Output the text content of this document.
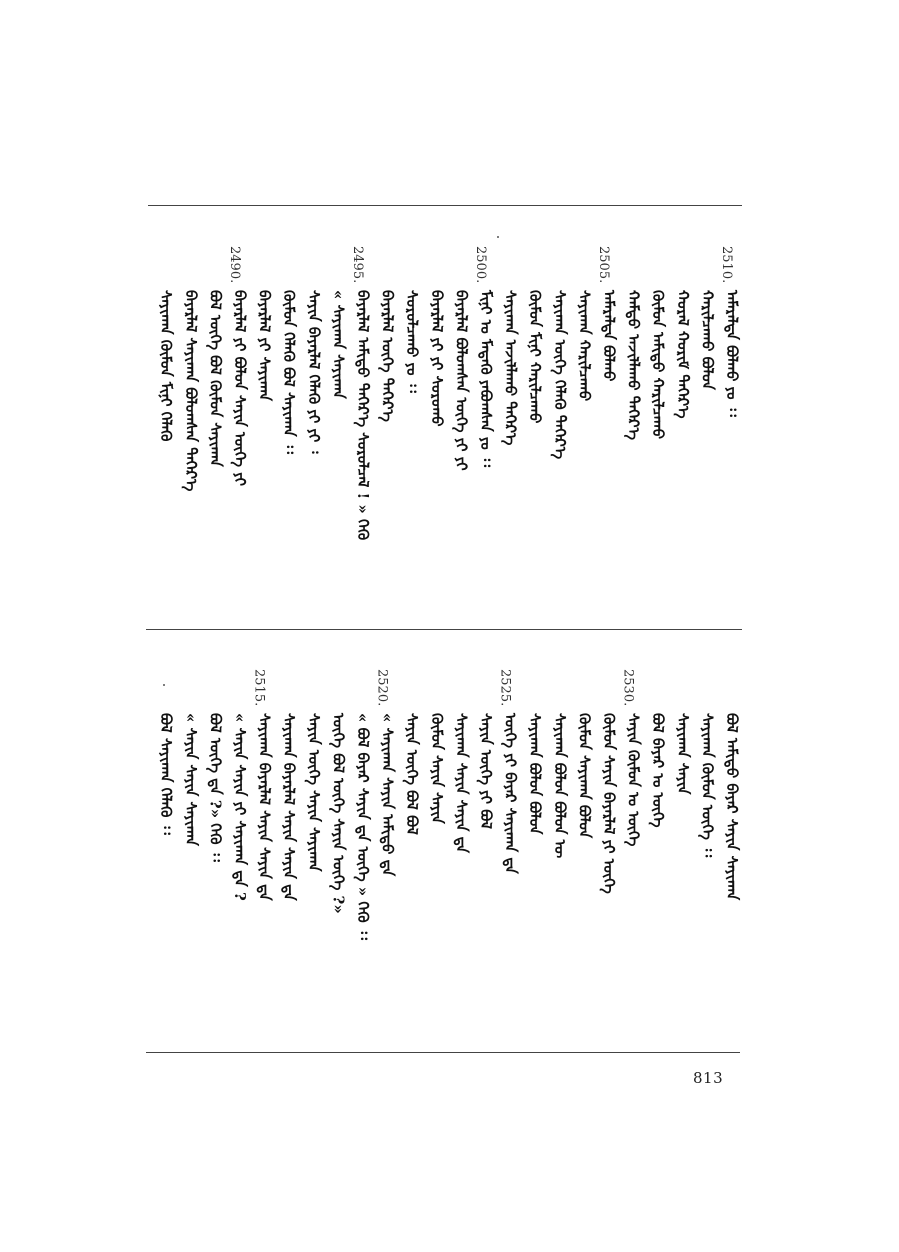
2510.
ᠠᠮᠠᠷᠠᠯᠲᠠ ᠪᠣᠯᠬᠤ ᠶᠤ ᠄᠄
ᠬᠠᠷᠢᠯᠴᠠᠬᠤ ᠪᠣᠯᠤᠨ
ᠬᠤᠷᠠᠯ ᠬᠤᠷᠢᠮ ᠳᠡᠭᠡᠷ᠎ᠡ
ᠬᠦᠮᠦᠨ ᠠᠮᠢᠳᠤ ᠬᠠᠷᠢᠯᠴᠠᠬᠤ
ᠬᠠᠮᠲᠤ ᠠᠵᠢᠯᠯᠠᠬᠤ ᠳᠡᠭᠡᠷ᠎ᠡ
2505.
ᠠᠮᠠᠷᠠᠯᠲᠠ ᠪᠣᠯᠬᠤ
ᠰᠠᠶᠢᠬᠠᠨ ᠬᠠᠷᠢᠯᠴᠠᠬᠤ
ᠰᠠᠶᠢᠬᠠᠨ ᠦᠭᠡ ᠬᠡᠯᠡᠬᠦ ᠳᠡᠭᠡᠷ᠎ᠡ
ᠬᠦᠮᠦᠨ ᠮᠢᠨᠢ ᠬᠠᠷᠢᠯᠴᠠᠬᠤ
ᠰᠠᠶᠢᠬᠠᠨ ᠠᠵᠢᠯᠯᠠᠬᠤ ᠳᠡᠭᠡᠷ᠎ᠡ
2500.
ᠮᠢᠨᠢ ᠤ ᠮᠡᠳᠡᠬᠦ ᠶᠠᠪᠤᠭᠰᠠᠨ ᠶᠤ ᠄᠄
ᠪᠠᠶᠠᠷᠯᠠᠯ ᠪᠣᠯᠤᠭᠰᠠᠨ ᠦᠭᠡ ᠶᠢ ᠶᠢ
ᠪᠠᠶᠠᠷᠯᠠᠯ ᠶᠢ ᠶᠢ ᠰᠤᠷᠤᠬᠤ
ᠰᠤᠷᠤᠯᠴᠠᠬᠤ ᠶᠤ ᠄᠄
ᠪᠠᠶᠠᠷᠯᠠᠯ ᠦᠭᠡ ᠳᠡᠭᠡᠷ᠎ᠡ
2495.
ᠪᠠᠶᠠᠷᠯᠠᠯ ᠠᠮᠢᠳᠤ ᠳᠡᠭᠡᠷ᠎ᠡ ᠰᠤᠷᠤᠯᠴᠠᠯ !᠋ » ᠭᠡᠬᠦ
« ᠰᠠᠶᠢᠬᠠᠨ ᠰᠠᠶᠢᠬᠠᠨ
ᠰᠠᠶᠢᠨ ᠪᠠᠶᠠᠷᠯᠠᠯ ᠬᠡᠯᠡᠬᠦ ᠶᠢ ᠶᠢ ᠄
ᠬᠦᠮᠦᠨ ᠬᠡᠯᠡᠬᠦ ᠪᠣᠯ ᠰᠠᠶᠢᠬᠠᠨ ᠄᠄
ᠪᠠᠶᠠᠷᠯᠠᠯ ᠶᠢ ᠰᠠᠶᠢᠬᠠᠨ
2490.
ᠪᠠᠶᠠᠷᠯᠠᠯ ᠶᠢ ᠪᠣᠯᠤᠨ ᠰᠠᠶᠢᠨ ᠦᠭᠡ ᠶᠢ
ᠪᠣᠯ ᠦᠭᠡ ᠪᠣᠯ ᠬᠦᠮᠦᠨ ᠰᠠᠶᠢᠬᠠᠨ
ᠪᠠᠶᠠᠷᠯᠠᠯ ᠰᠠᠶᠢᠬᠠᠨ ᠪᠣᠯᠤᠭᠰᠠᠨ ᠳᠡᠭᠡᠷ᠎ᠡ
ᠰᠠᠶᠢᠬᠠᠨ ᠬᠦᠮᠦᠨ ᠮᠢᠨᠢ ᠬᠡᠯᠡᠬᠦ
ᠪᠣᠯ ᠠᠮᠢᠳᠤ ᠪᠠᠶᠠᠷ ᠰᠠᠶᠢᠨ ᠰᠠᠶᠢᠬᠠᠨ
ᠰᠠᠶᠢᠬᠠᠨ ᠬᠦᠮᠦᠨ ᠦᠭᠡ ᠄᠄
ᠰᠠᠶᠢᠬᠠᠨ ᠰᠠᠶᠢᠨ
ᠪᠣᠯ ᠪᠠᠶᠠᠷ ᠤ ᠦᠭᠡ
2530.
ᠰᠠᠶᠢᠨ ᠬᠦᠮᠦᠨ ᠤ ᠦᠭᠡ
ᠬᠦᠮᠦᠨ ᠰᠠᠶᠢᠨ ᠪᠠᠶᠠᠷᠯᠠᠯ ᠶᠢ ᠦᠭᠡ
ᠬᠦᠮᠦᠨ ᠰᠠᠶᠢᠬᠠᠨ ᠪᠣᠯᠤᠨ
ᠰᠠᠶᠢᠬᠠᠨ ᠪᠣᠯᠤᠨ ᠪᠣᠯᠤᠨ ᠦ
ᠰᠠᠶᠢᠬᠠᠨ ᠪᠣᠯᠤᠨ ᠪᠣᠯᠤᠨ
2525.
ᠦᠭᠡ ᠶᠢ ᠪᠠᠶᠠᠷ ᠰᠠᠶᠢᠬᠠᠨ ᠳᠡ
ᠰᠠᠶᠢᠨ ᠦᠭᠡ ᠶᠢ ᠪᠣᠯ
ᠰᠠᠶᠢᠬᠠᠨ ᠰᠠᠶᠢᠨ ᠰᠠᠶᠢᠨ ᠳᠡ
ᠬᠦᠮᠦᠨ ᠰᠠᠶᠢᠨ ᠰᠠᠶᠢᠨ
ᠰᠠᠶᠢᠨ ᠦᠭᠡ ᠪᠣᠯ ᠪᠣᠯ
2520.
« ᠰᠠᠶᠢᠬᠠᠨ ᠰᠠᠶᠢᠨ ᠠᠮᠢᠳᠤ ᠳᠡ
« ᠪᠣᠯ ᠪᠠᠶᠠᠷ ᠰᠠᠶᠢᠨ ᠳᠡ ᠦᠭᠡ » ᠭᠡᠬᠦ ᠄᠄
ᠦᠭᠡ ᠪᠣᠯ ᠦᠭᠡ ᠰᠠᠶᠢᠨ ᠦᠭᠡ ?»
ᠰᠠᠶᠢᠨ ᠦᠭᠡ ᠰᠠᠶᠢᠨ ᠰᠠᠶᠢᠬᠠᠨ
ᠰᠠᠶᠢᠬᠠᠨ ᠪᠠᠶᠠᠷᠯᠠᠯ ᠰᠠᠶᠢᠨ ᠰᠠᠶᠢᠨ ᠳᠡ
2515.
ᠰᠠᠶᠢᠬᠠᠨ ᠪᠠᠶᠠᠷᠯᠠᠯ ᠰᠠᠶᠢᠨ ᠰᠠᠶᠢᠨ ᠳᠡ
« ᠰᠠᠶᠢᠨ ᠰᠠᠶᠢᠨ ᠶᠢ ᠰᠠᠶᠢᠬᠠᠨ ᠳᠡ ?
ᠪᠣᠯ ᠦᠭᠡ ᠳᠡ ?᠋» ᠭᠡᠬᠦ ᠄᠄
« ᠰᠠᠶᠢᠨ ᠰᠠᠶᠢᠨ ᠰᠠᠶᠢᠬᠠᠨ
ᠪᠣᠯ ᠰᠠᠶᠢᠬᠠᠨ ᠬᠡᠯᠡᠬᠦ ᠄᠄
813
